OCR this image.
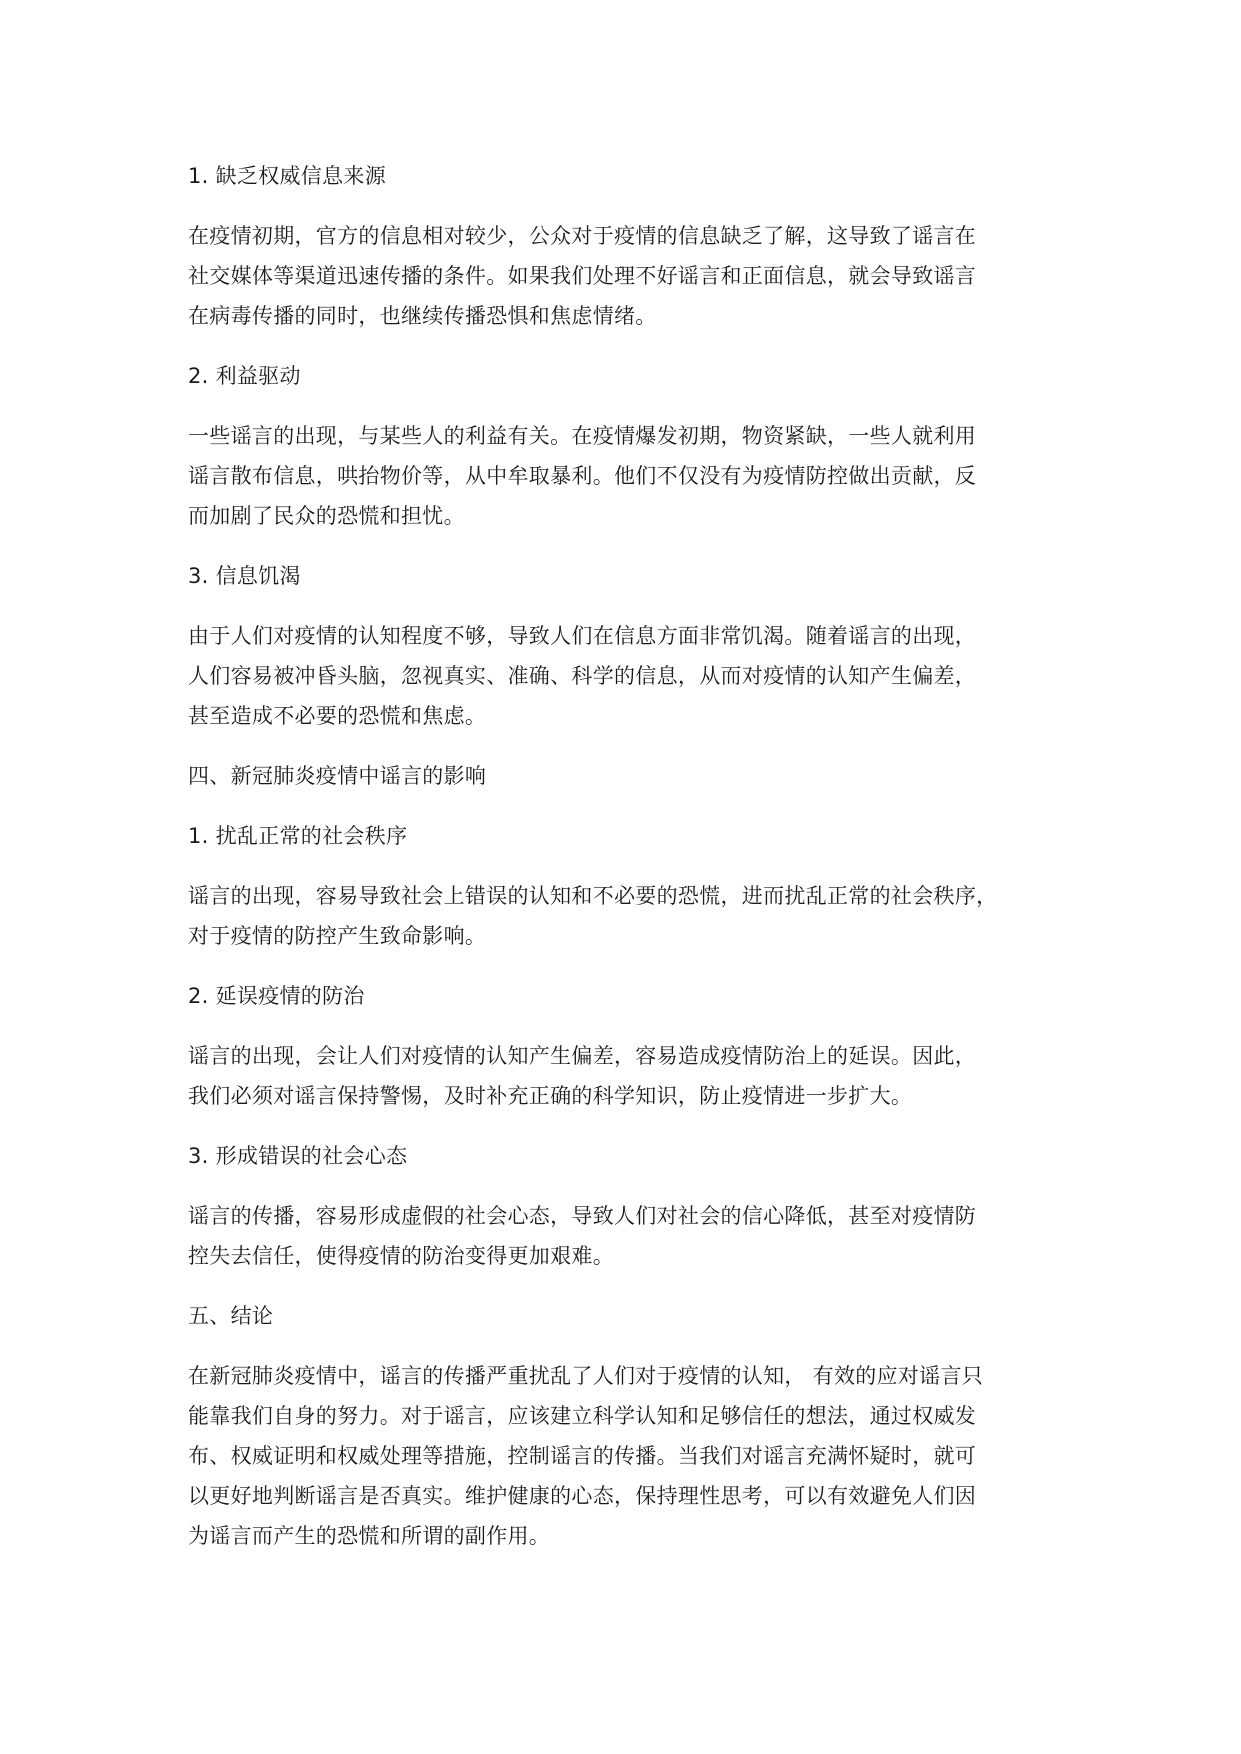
1. 缺乏权威信息来源

在疫情初期，官方的信息相对较少，公众对于疫情的信息缺乏了解，这导致了谣言在
社交媒体等渠道迅速传播的条件。如果我们处理不好谣言和正面信息，就会导致谣言
在病毒传播的同时，也继续传播恐惧和焦虑情绪。

2. 利益驱动

一些谣言的出现，与某些人的利益有关。在疫情爆发初期，物资紧缺，一些人就利用
谣言散布信息，哄抬物价等，从中牟取暴利。他们不仅没有为疫情防控做出贡献，反
而加剧了民众的恐慌和担忧。

3. 信息饥渴

由于人们对疫情的认知程度不够，导致人们在信息方面非常饥渴。随着谣言的出现，
人们容易被冲昏头脑，忽视真实、准确、科学的信息，从而对疫情的认知产生偏差，
甚至造成不必要的恐慌和焦虑。

四、新冠肺炎疫情中谣言的影响

1. 扰乱正常的社会秩序

谣言的出现，容易导致社会上错误的认知和不必要的恐慌，进而扰乱正常的社会秩序，
对于疫情的防控产生致命影响。

2. 延误疫情的防治

谣言的出现，会让人们对疫情的认知产生偏差，容易造成疫情防治上的延误。因此，
我们必须对谣言保持警惕，及时补充正确的科学知识，防止疫情进一步扩大。

3. 形成错误的社会心态

谣言的传播，容易形成虚假的社会心态，导致人们对社会的信心降低，甚至对疫情防
控失去信任，使得疫情的防治变得更加艰难。

五、结论

在新冠肺炎疫情中，谣言的传播严重扰乱了人们对于疫情的认知， 有效的应对谣言只
能靠我们自身的努力。对于谣言，应该建立科学认知和足够信任的想法，通过权威发
布、权威证明和权威处理等措施，控制谣言的传播。当我们对谣言充满怀疑时，就可
以更好地判断谣言是否真实。维护健康的心态，保持理性思考，可以有效避免人们因
为谣言而产生的恐慌和所谓的副作用。
